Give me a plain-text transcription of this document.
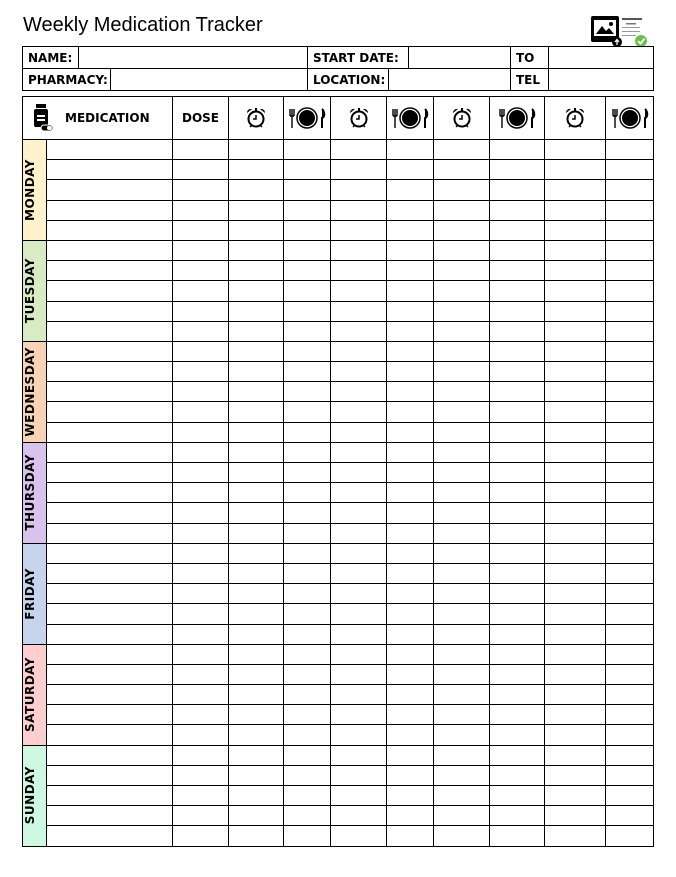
Weekly Medication Tracker
NAME:			START DATE:			TO	
PHARMACY:			LOCATION:			TEL	
MEDICATION		DOSE	

MONDAY										

TUESDAY										

WEDNESDAY										

THURSDAY										

FRIDAY										

SATURDAY										

SUNDAY										
